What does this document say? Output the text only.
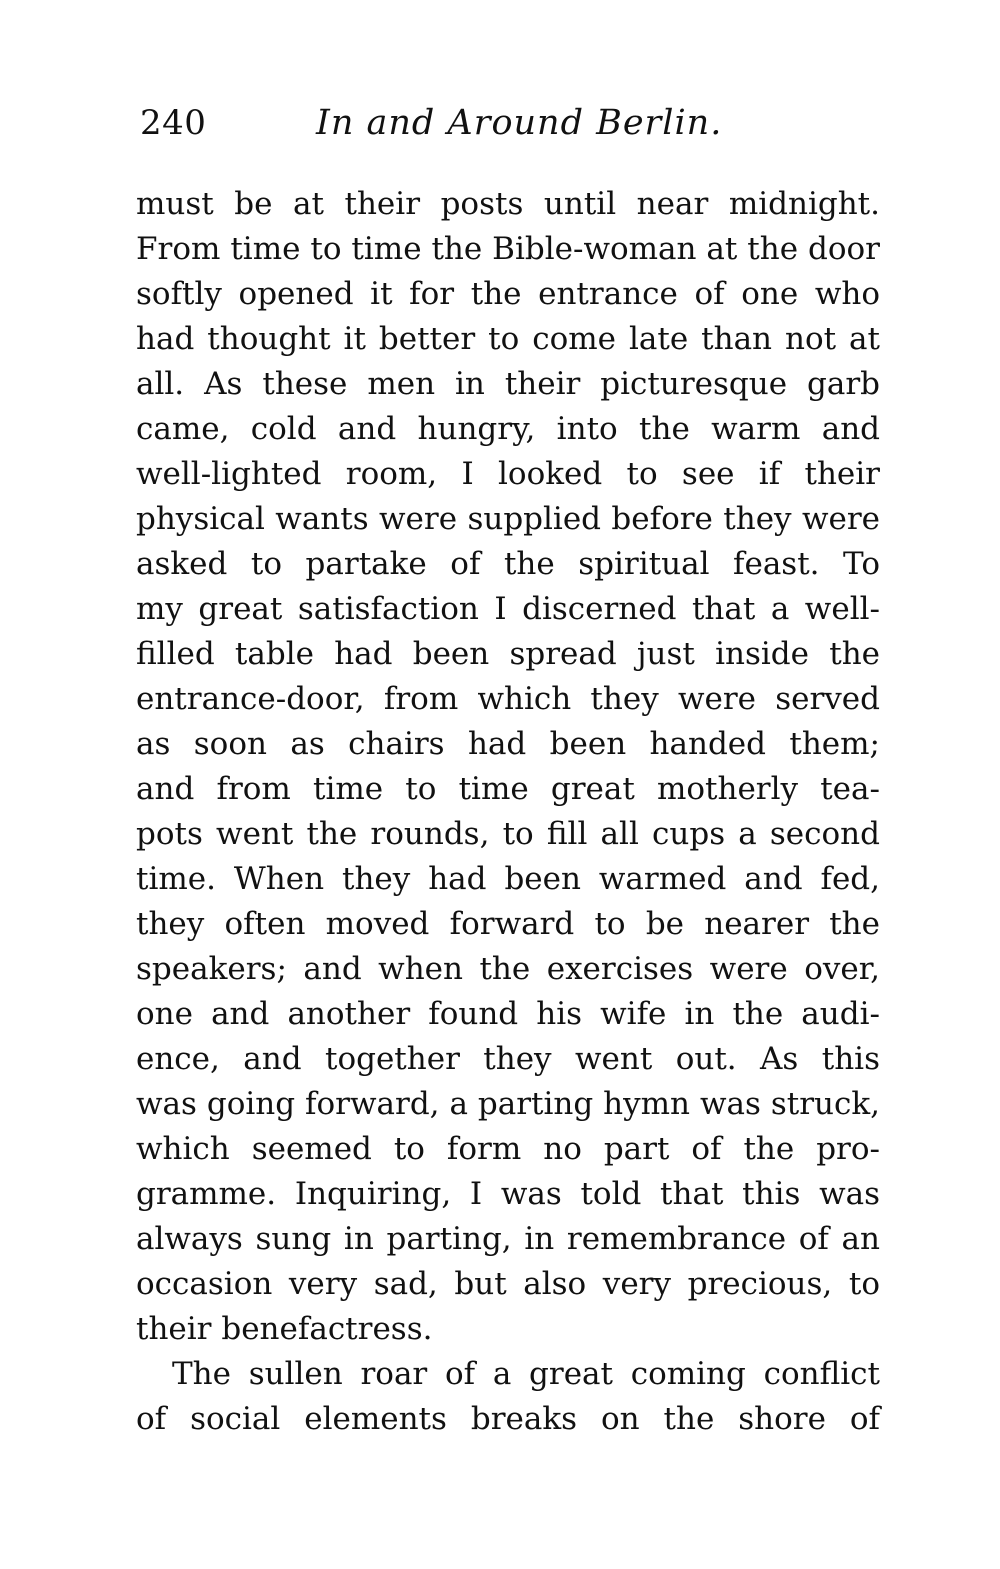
240	In and Around Berlin.
must be at their posts until near midnight.
From time to time the Bible-woman at the door
softly opened it for the entrance of one who
had thought it better to come late than not at
all. As these men in their picturesque garb
came, cold and hungry, into the warm and
well-lighted room, I looked to see if their
physical wants were supplied before they were
asked to partake of the spiritual feast. To
my great satisfaction I discerned that a well-
filled table had been spread just inside the
entrance-door, from which they were served
as soon as chairs had been handed them;
and from time to time great motherly tea-
pots went the rounds, to fill all cups a second
time. When they had been warmed and fed,
they often moved forward to be nearer the
speakers; and when the exercises were over,
one and another found his wife in the audi-
ence, and together they went out. As this
was going forward, a parting hymn was struck,
which seemed to form no part of the pro-
gramme. Inquiring, I was told that this was
always sung in parting, in remembrance of an
occasion very sad, but also very precious, to
their benefactress.
The sullen roar of a great coming conflict
of social elements breaks on the shore of
